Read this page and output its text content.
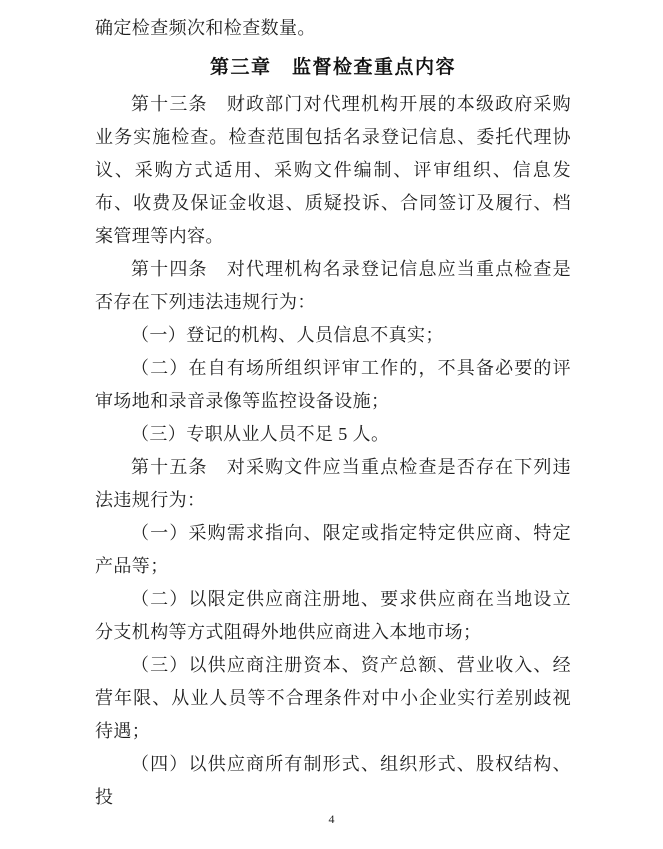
确定检查频次和检查数量。

第三章　监督检查重点内容

第十三条　财政部门对代理机构开展的本级政府采购业务实施检查。检查范围包括名录登记信息、委托代理协议、采购方式适用、采购文件编制、评审组织、信息发布、收费及保证金收退、质疑投诉、合同签订及履行、档案管理等内容。

第十四条　对代理机构名录登记信息应当重点检查是否存在下列违法违规行为：

（一）登记的机构、人员信息不真实；

（二）在自有场所组织评审工作的，不具备必要的评审场地和录音录像等监控设备设施；

（三）专职从业人员不足 5 人。

第十五条　对采购文件应当重点检查是否存在下列违法违规行为：

（一）采购需求指向、限定或指定特定供应商、特定产品等；

（二）以限定供应商注册地、要求供应商在当地设立分支机构等方式阻碍外地供应商进入本地市场；

（三）以供应商注册资本、资产总额、营业收入、经营年限、从业人员等不合理条件对中小企业实行差别歧视待遇；

（四）以供应商所有制形式、组织形式、股权结构、投

4
